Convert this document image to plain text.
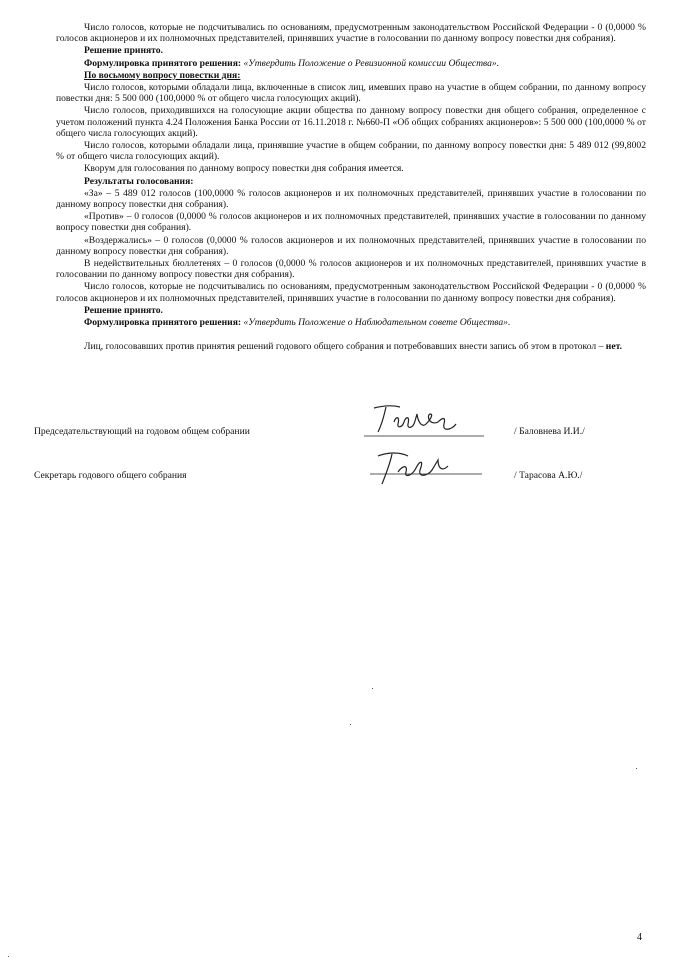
Число голосов, которые не подсчитывались по основаниям, предусмотренным законодательством Российской Федерации - 0 (0,0000 % голосов акционеров и их полномочных представителей, принявших участие в голосовании по данному вопросу повестки дня собрания).

Решение принято.

Формулировка принятого решения: «Утвердить Положение о Ревизионной комиссии Общества».

По восьмому вопросу повестки дня:

Число голосов, которыми обладали лица, включенные в список лиц, имевших право на участие в общем собрании, по данному вопросу повестки дня: 5 500 000 (100,0000 % от общего числа голосующих акций).

Число голосов, приходившихся на голосующие акции общества по данному вопросу повестки дня общего собрания, определенное с учетом положений пункта 4.24 Положения Банка России от 16.11.2018 г. №660-П «Об общих собраниях акционеров»: 5 500 000 (100,0000 % от общего числа голосующих акций).

Число голосов, которыми обладали лица, принявшие участие в общем собрании, по данному вопросу повестки дня: 5 489 012 (99,8002 % от общего числа голосующих акций).

Кворум для голосования по данному вопросу повестки дня собрания имеется.

Результаты голосования:

«За» – 5 489 012 голосов (100,0000 % голосов акционеров и их полномочных представителей, принявших участие в голосовании по данному вопросу повестки дня собрания).

«Против» – 0 голосов (0,0000 % голосов акционеров и их полномочных представителей, принявших участие в голосовании по данному вопросу повестки дня собрания).

«Воздержались» – 0 голосов (0,0000 % голосов акционеров и их полномочных представителей, принявших участие в голосовании по данному вопросу повестки дня собрания).

В недействительных бюллетенях – 0 голосов (0,0000 % голосов акционеров и их полномочных представителей, принявших участие в голосовании по данному вопросу повестки дня собрания).

Число голосов, которые не подсчитывались по основаниям, предусмотренным законодательством Российской Федерации - 0 (0,0000 % голосов акционеров и их полномочных представителей, принявших участие в голосовании по данному вопросу повестки дня собрания).

Решение принято.

Формулировка принятого решения: «Утвердить Положение о Наблюдательном совете Общества».

Лиц, голосовавших против принятия решений годового общего собрания и потребовавших внести запись об этом в протокол – нет.

Председательствующий на годовом общем собрании	/ Баловнева И.И./
Секретарь годового общего собрания	/ Тарасова А.Ю./
4
